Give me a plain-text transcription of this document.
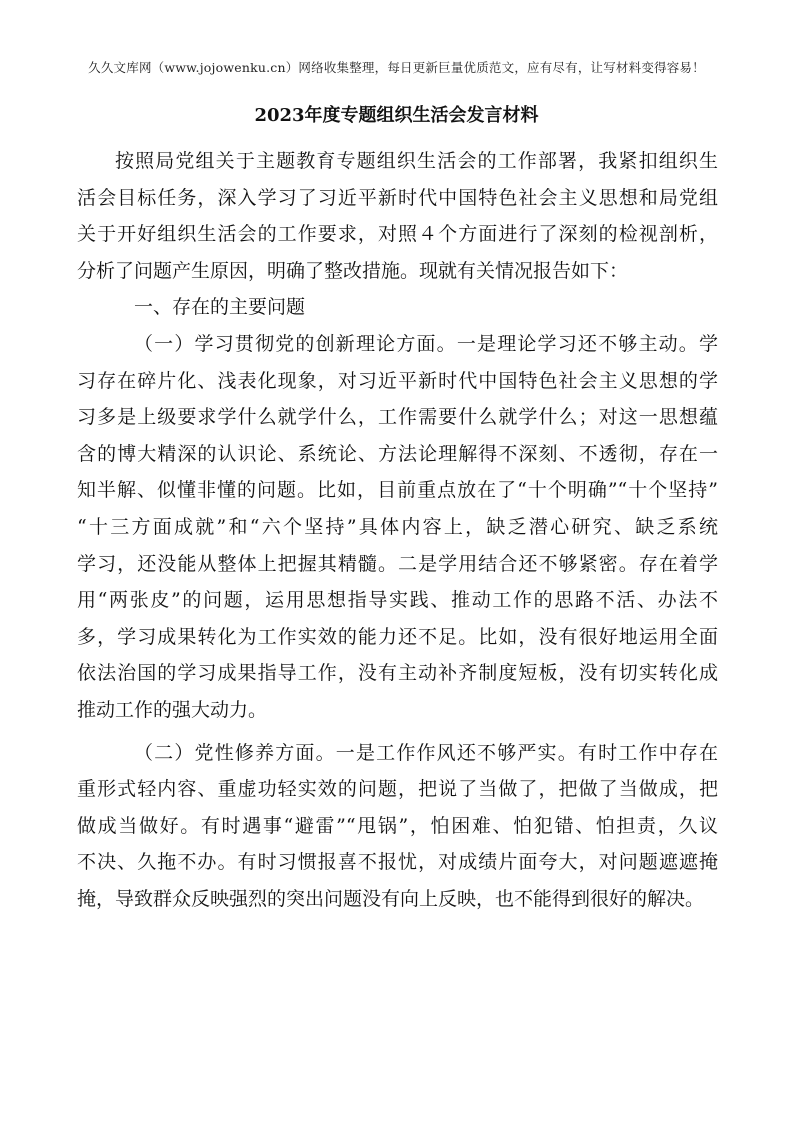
久久文库网（www.jojowenku.cn）网络收集整理，每日更新巨量优质范文，应有尽有，让写材料变得容易！
2023年度专题组织生活会发言材料
按照局党组关于主题教育专题组织生活会的工作部署，我紧扣组织生
活会目标任务，深入学习了习近平新时代中国特色社会主义思想和局党组
关于开好组织生活会的工作要求，对照４个方面进行了深刻的检视剖析，
分析了问题产生原因，明确了整改措施。现就有关情况报告如下：
一、存在的主要问题
（一）学习贯彻党的创新理论方面。一是理论学习还不够主动。学
习存在碎片化、浅表化现象，对习近平新时代中国特色社会主义思想的学
习多是上级要求学什么就学什么，工作需要什么就学什么；对这一思想蕴
含的博大精深的认识论、系统论、方法论理解得不深刻、不透彻，存在一
知半解、似懂非懂的问题。比如，目前重点放在了“十个明确”“十个坚持”
“十三方面成就”和“六个坚持”具体内容上，缺乏潜心研究、缺乏系统
学习，还没能从整体上把握其精髓。二是学用结合还不够紧密。存在着学
用“两张皮”的问题，运用思想指导实践、推动工作的思路不活、办法不
多，学习成果转化为工作实效的能力还不足。比如，没有很好地运用全面
依法治国的学习成果指导工作，没有主动补齐制度短板，没有切实转化成
推动工作的强大动力。
（二）党性修养方面。一是工作作风还不够严实。有时工作中存在
重形式轻内容、重虚功轻实效的问题，把说了当做了，把做了当做成，把
做成当做好。有时遇事“避雷”“甩锅”，怕困难、怕犯错、怕担责，久议
不决、久拖不办。有时习惯报喜不报忧，对成绩片面夸大，对问题遮遮掩
掩，导致群众反映强烈的突出问题没有向上反映，也不能得到很好的解决。
